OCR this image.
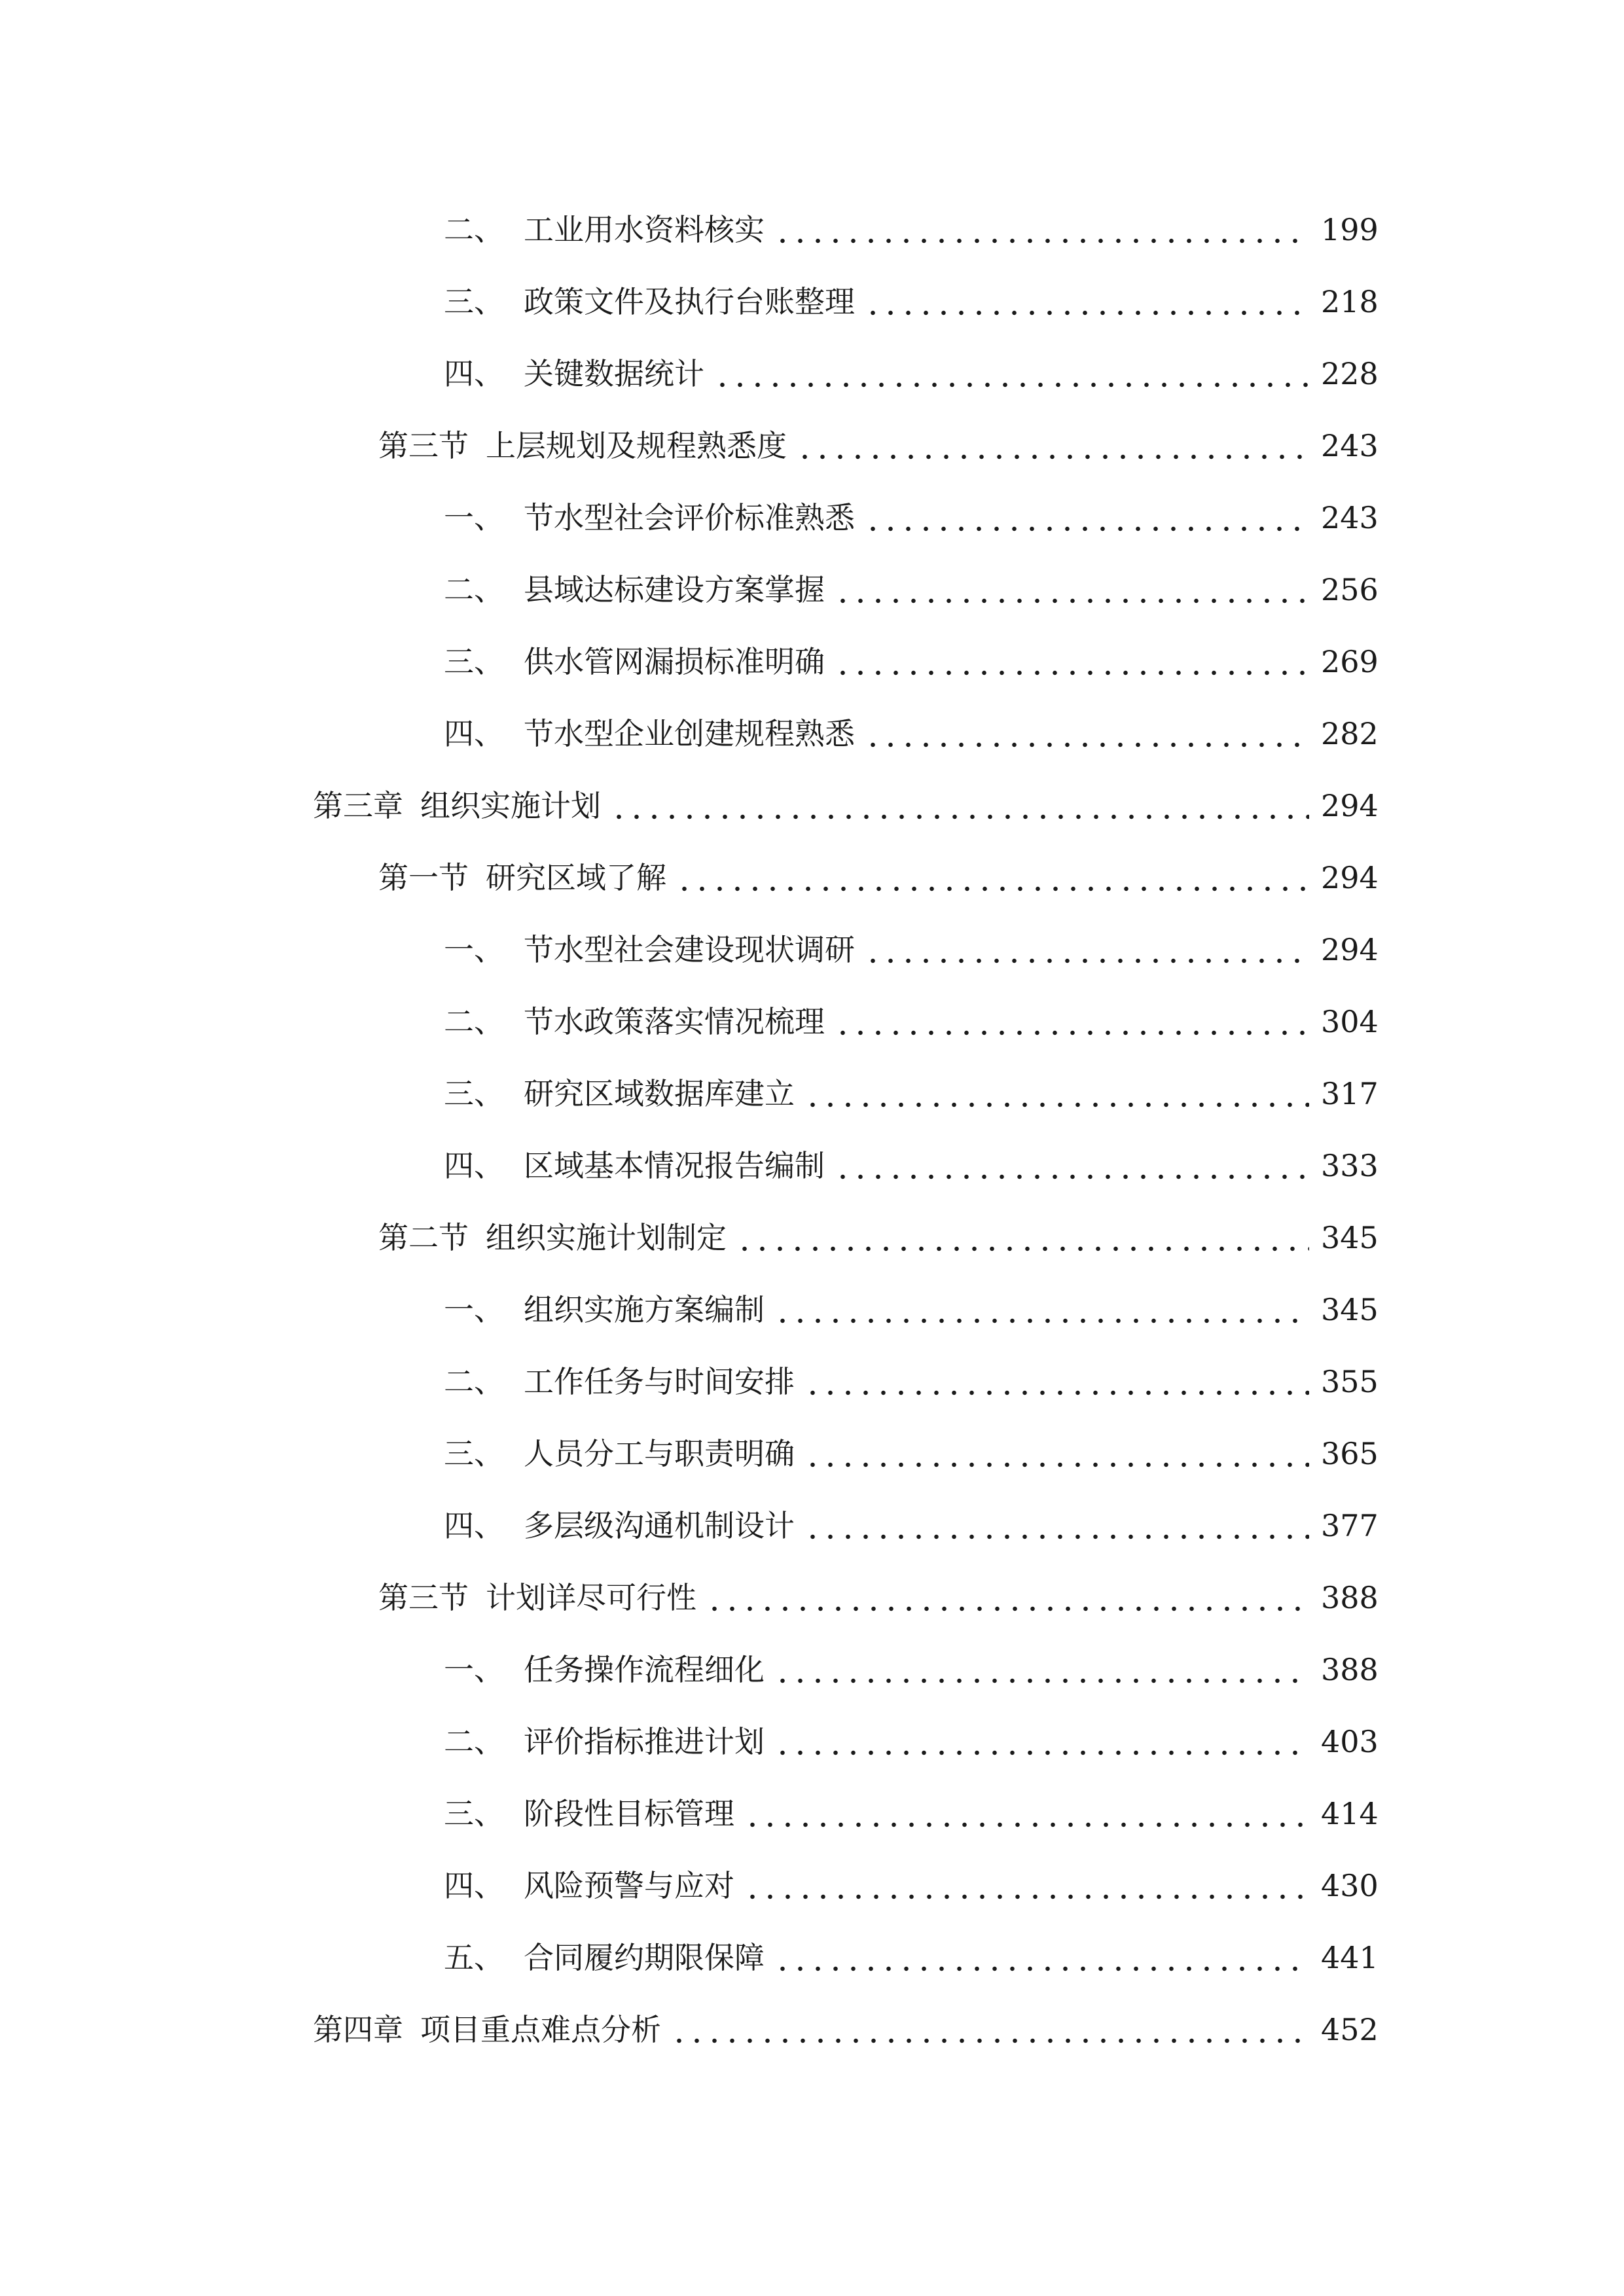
二、 工业用水资料核实	199
三、 政策文件及执行台账整理	218
四、 关键数据统计	228
第三节 上层规划及规程熟悉度	243
一、 节水型社会评价标准熟悉	243
二、 县域达标建设方案掌握	256
三、 供水管网漏损标准明确	269
四、 节水型企业创建规程熟悉	282
第三章 组织实施计划	294
第一节 研究区域了解	294
一、 节水型社会建设现状调研	294
二、 节水政策落实情况梳理	304
三、 研究区域数据库建立	317
四、 区域基本情况报告编制	333
第二节 组织实施计划制定	345
一、 组织实施方案编制	345
二、 工作任务与时间安排	355
三、 人员分工与职责明确	365
四、 多层级沟通机制设计	377
第三节 计划详尽可行性	388
一、 任务操作流程细化	388
二、 评价指标推进计划	403
三、 阶段性目标管理	414
四、 风险预警与应对	430
五、 合同履约期限保障	441
第四章 项目重点难点分析	452
